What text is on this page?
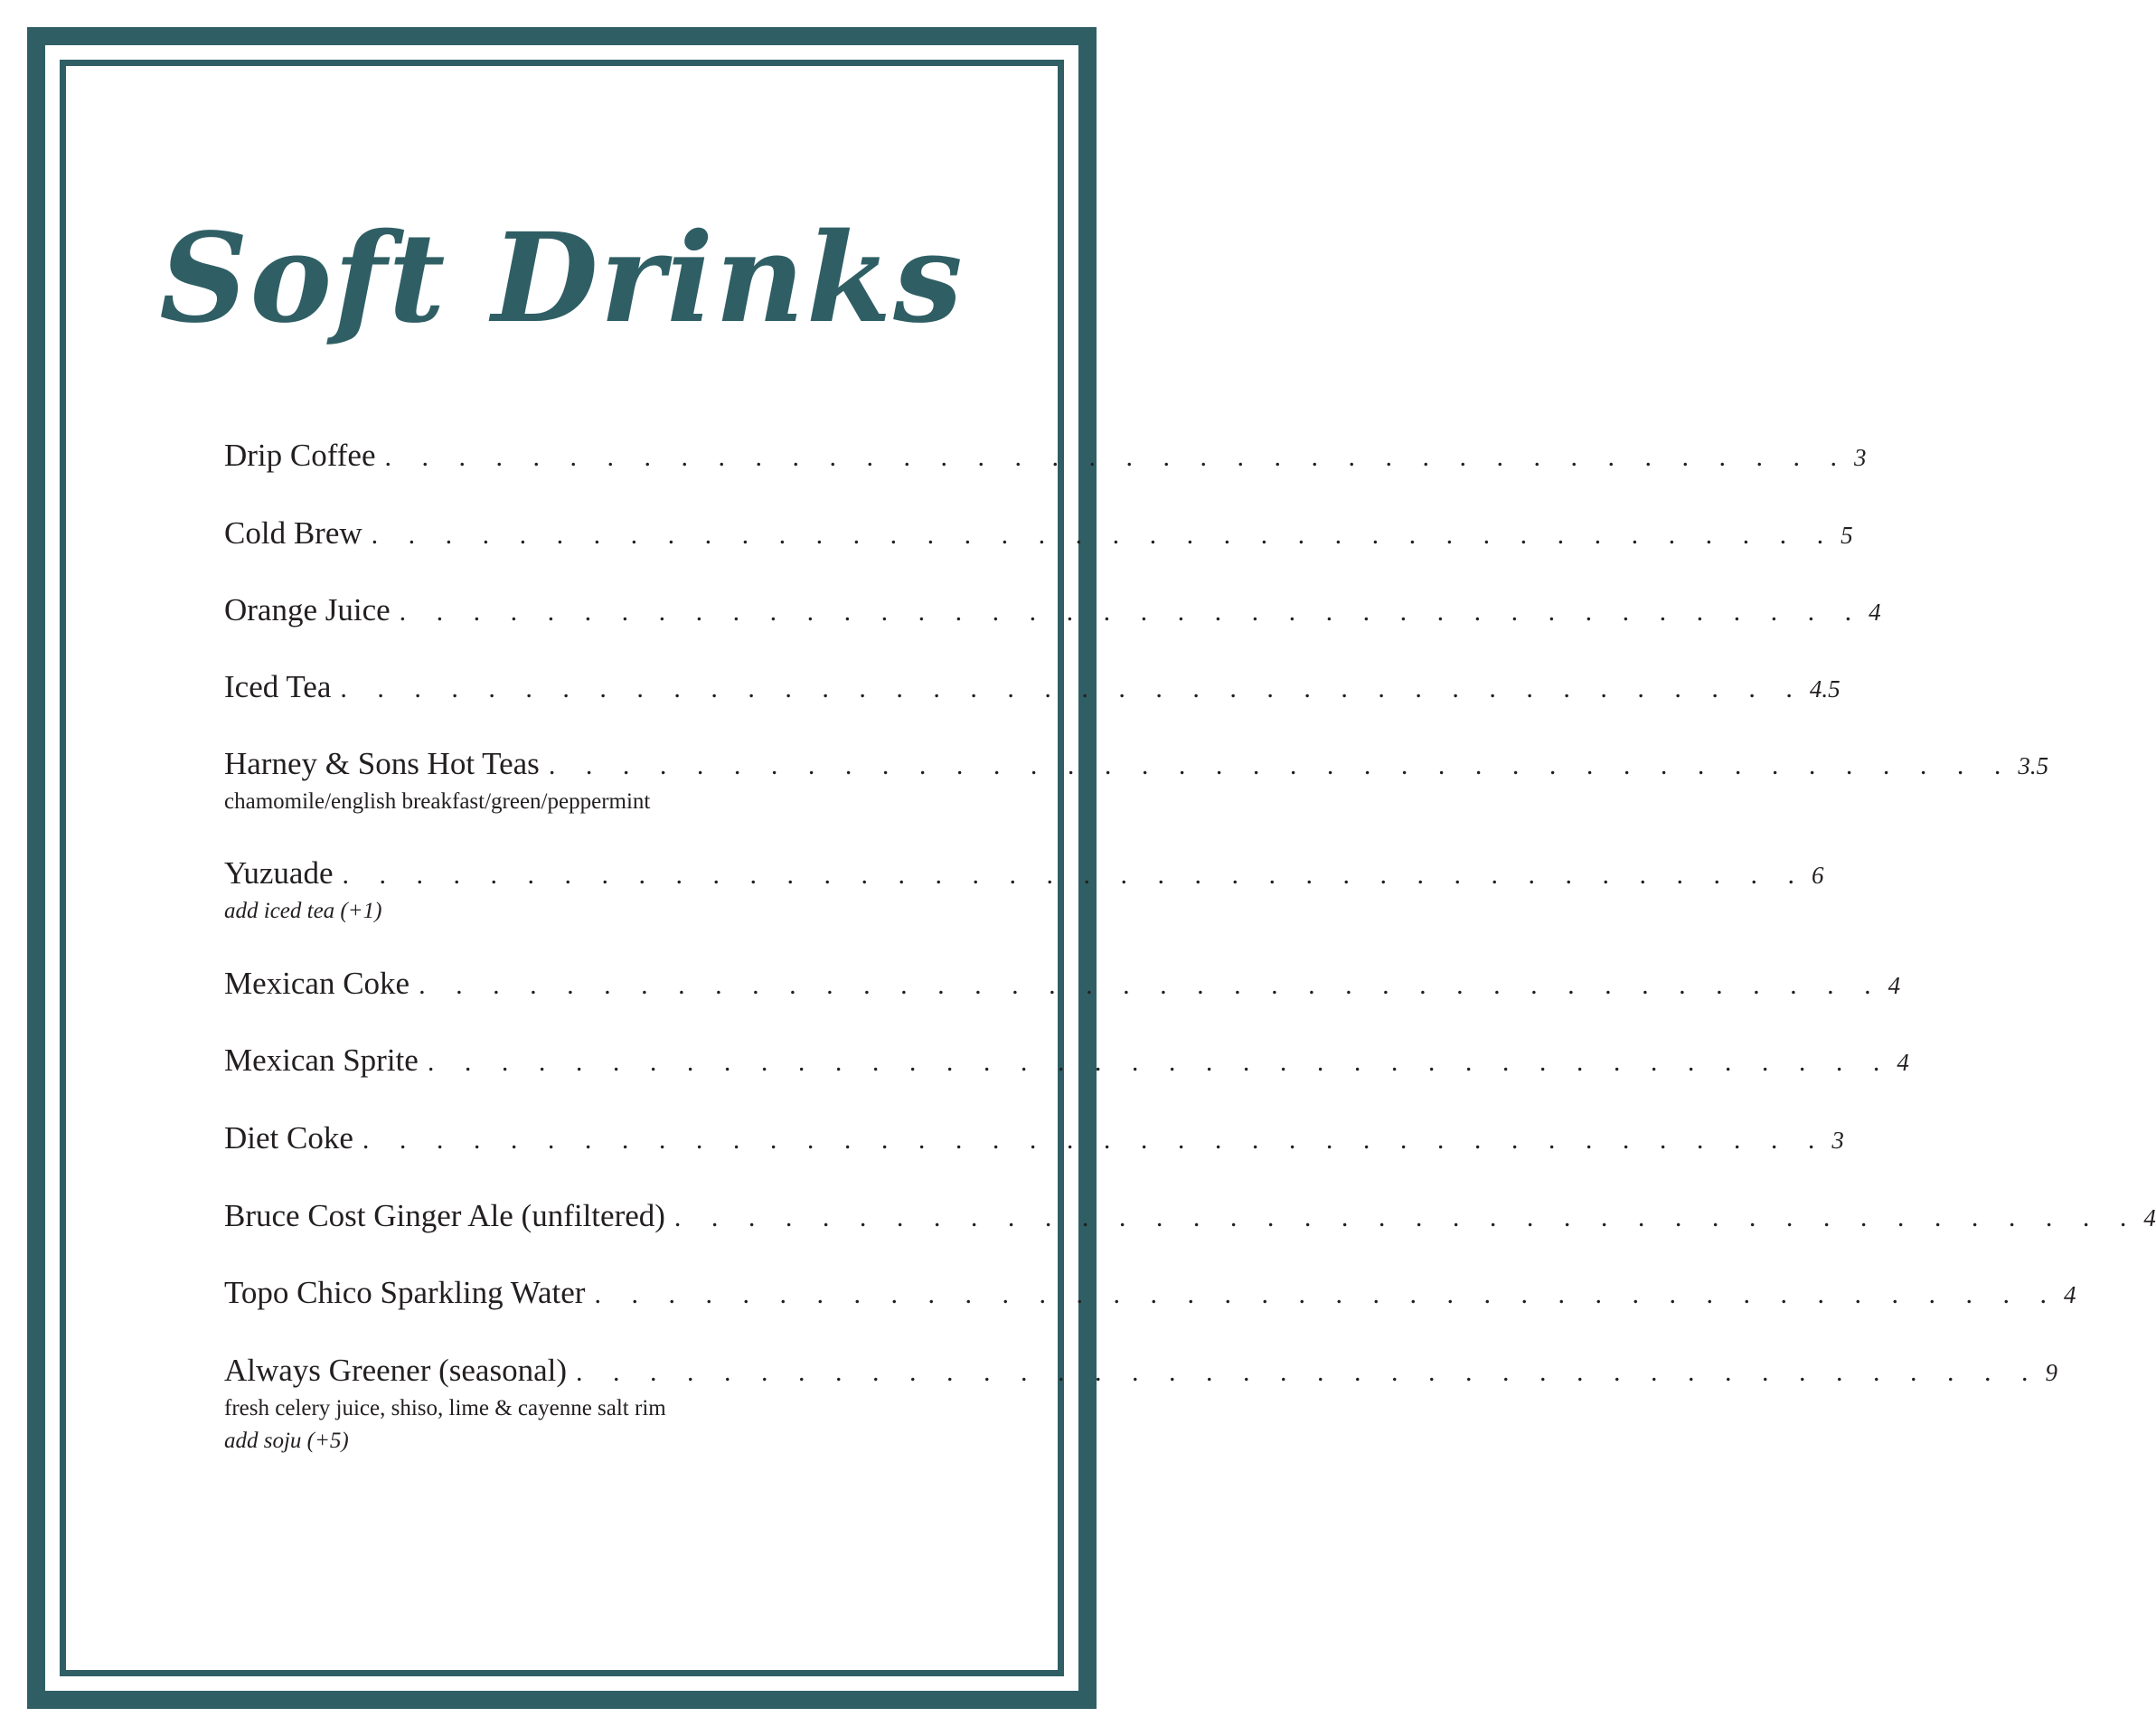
Soft Drinks
Drip Coffee . . . . . . . . . . . . . . . . . . . . . . . . . . . . . . . . . . . . . . . . 3
Cold Brew . . . . . . . . . . . . . . . . . . . . . . . . . . . . . . . . . . . . . . . . 5
Orange Juice . . . . . . . . . . . . . . . . . . . . . . . . . . . . . . . . . . . . . . . . 4
Iced Tea . . . . . . . . . . . . . . . . . . . . . . . . . . . . . . . . . . . . . . . . 4.5
Harney & Sons Hot Teas . . . . . . . . . . . . . . . . . . . . . . . . . . . . . . . . . . . . . . . . 3.5
chamomile/english breakfast/green/peppermint
Yuzuade . . . . . . . . . . . . . . . . . . . . . . . . . . . . . . . . . . . . . . . . 6
add iced tea (+1)
Mexican Coke . . . . . . . . . . . . . . . . . . . . . . . . . . . . . . . . . . . . . . . . 4
Mexican Sprite . . . . . . . . . . . . . . . . . . . . . . . . . . . . . . . . . . . . . . . . 4
Diet Coke . . . . . . . . . . . . . . . . . . . . . . . . . . . . . . . . . . . . . . . . 3
Bruce Cost Ginger Ale (unfiltered) . . . . . . . . . . . . . . . . . . . . . . . . . . . . . . . . . . . . . . . . 4
Topo Chico Sparkling Water . . . . . . . . . . . . . . . . . . . . . . . . . . . . . . . . . . . . . . . . 4
Always Greener (seasonal) . . . . . . . . . . . . . . . . . . . . . . . . . . . . . . . . . . . . . . . . 9
fresh celery juice, shiso, lime & cayenne salt rim
add soju (+5)
